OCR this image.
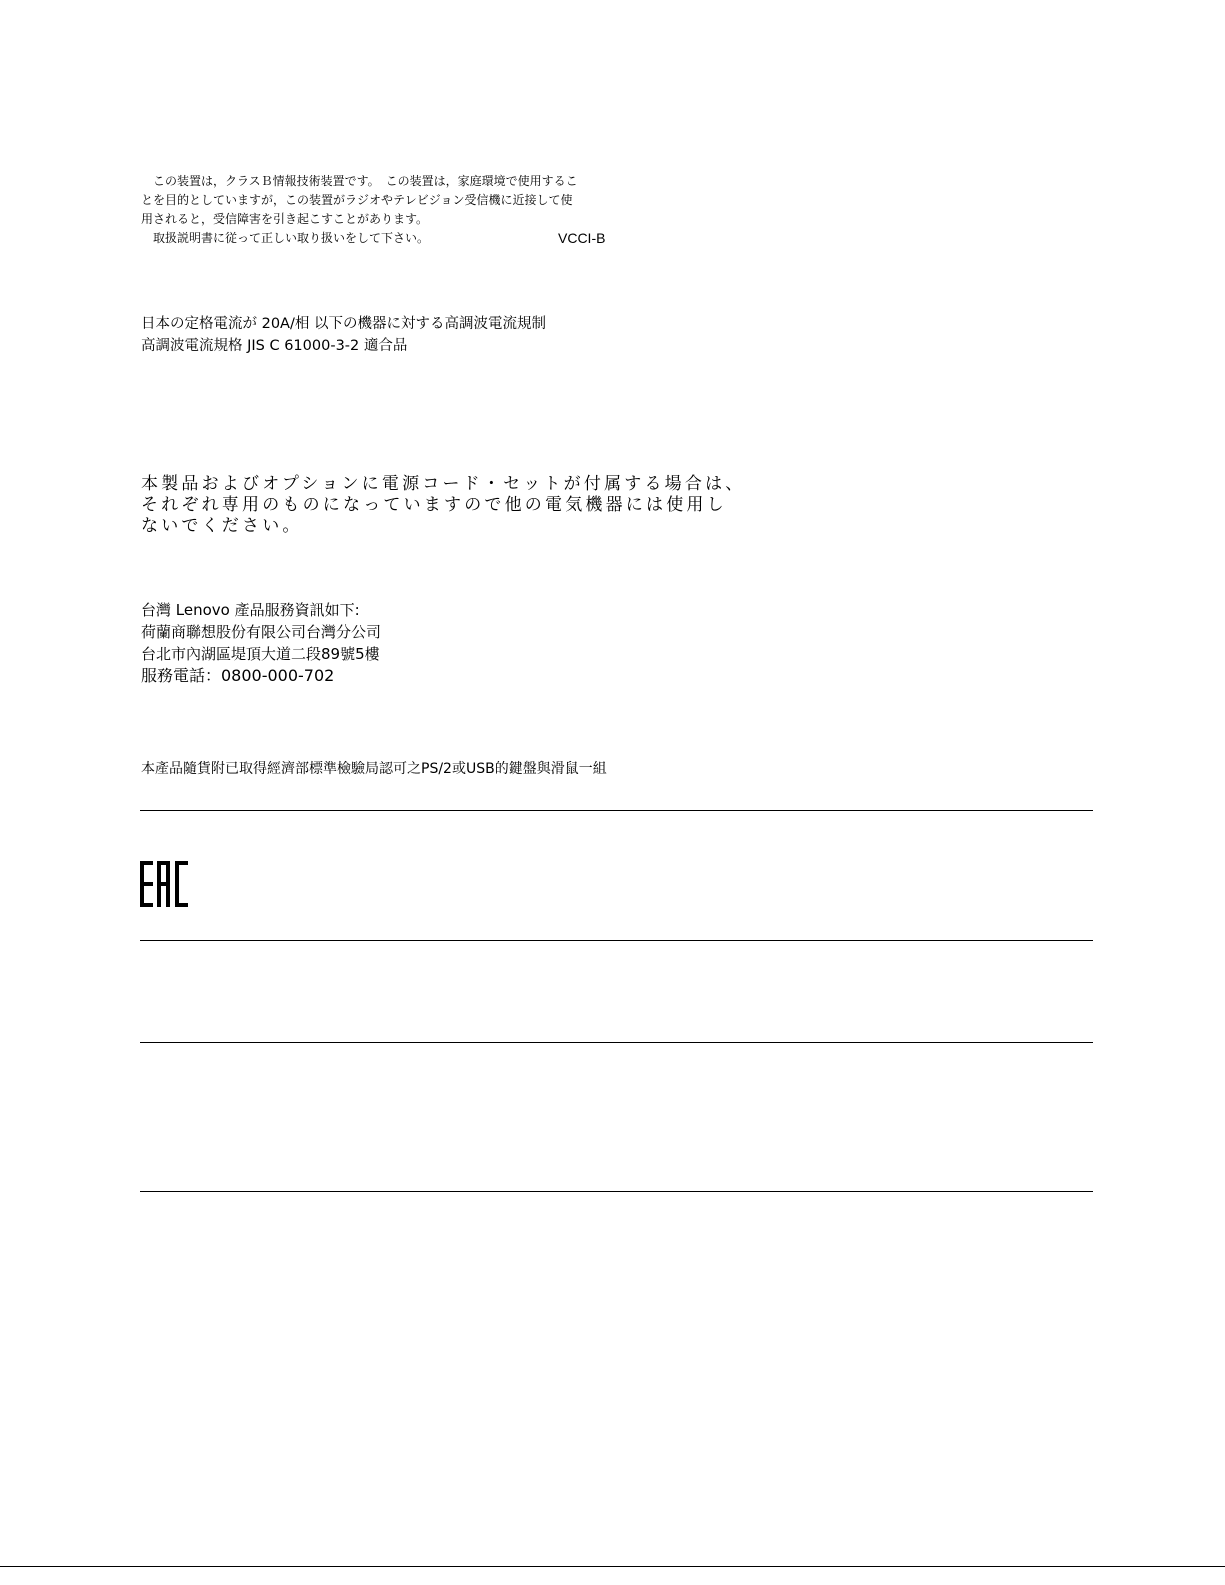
この装置は，クラスＢ情報技術装置です。　この装置は，家庭環境で使用するこ
とを目的としていますが，この装置がラジオやテレビジョン受信機に近接して使
用されると，受信障害を引き起こすことがあります。
取扱説明書に従って正しい取り扱いをして下さい。	VCCI-B
日本の定格電流が 20A/相 以下の機器に対する高調波電流規制
高調波電流規格 JIS C 61000-3-2 適合品
本製品およびオプションに電源コード・セットが付属する場合は、
それぞれ専用のものになっていますので他の電気機器には使用し
ないでください。
台灣 Lenovo 產品服務資訊如下:
荷蘭商聯想股份有限公司台灣分公司
台北市內湖區堤頂大道二段89號5樓
服務電話：0800-000-702
本產品隨貨附已取得經濟部標準檢驗局認可之PS/2或USB的鍵盤與滑鼠一組
